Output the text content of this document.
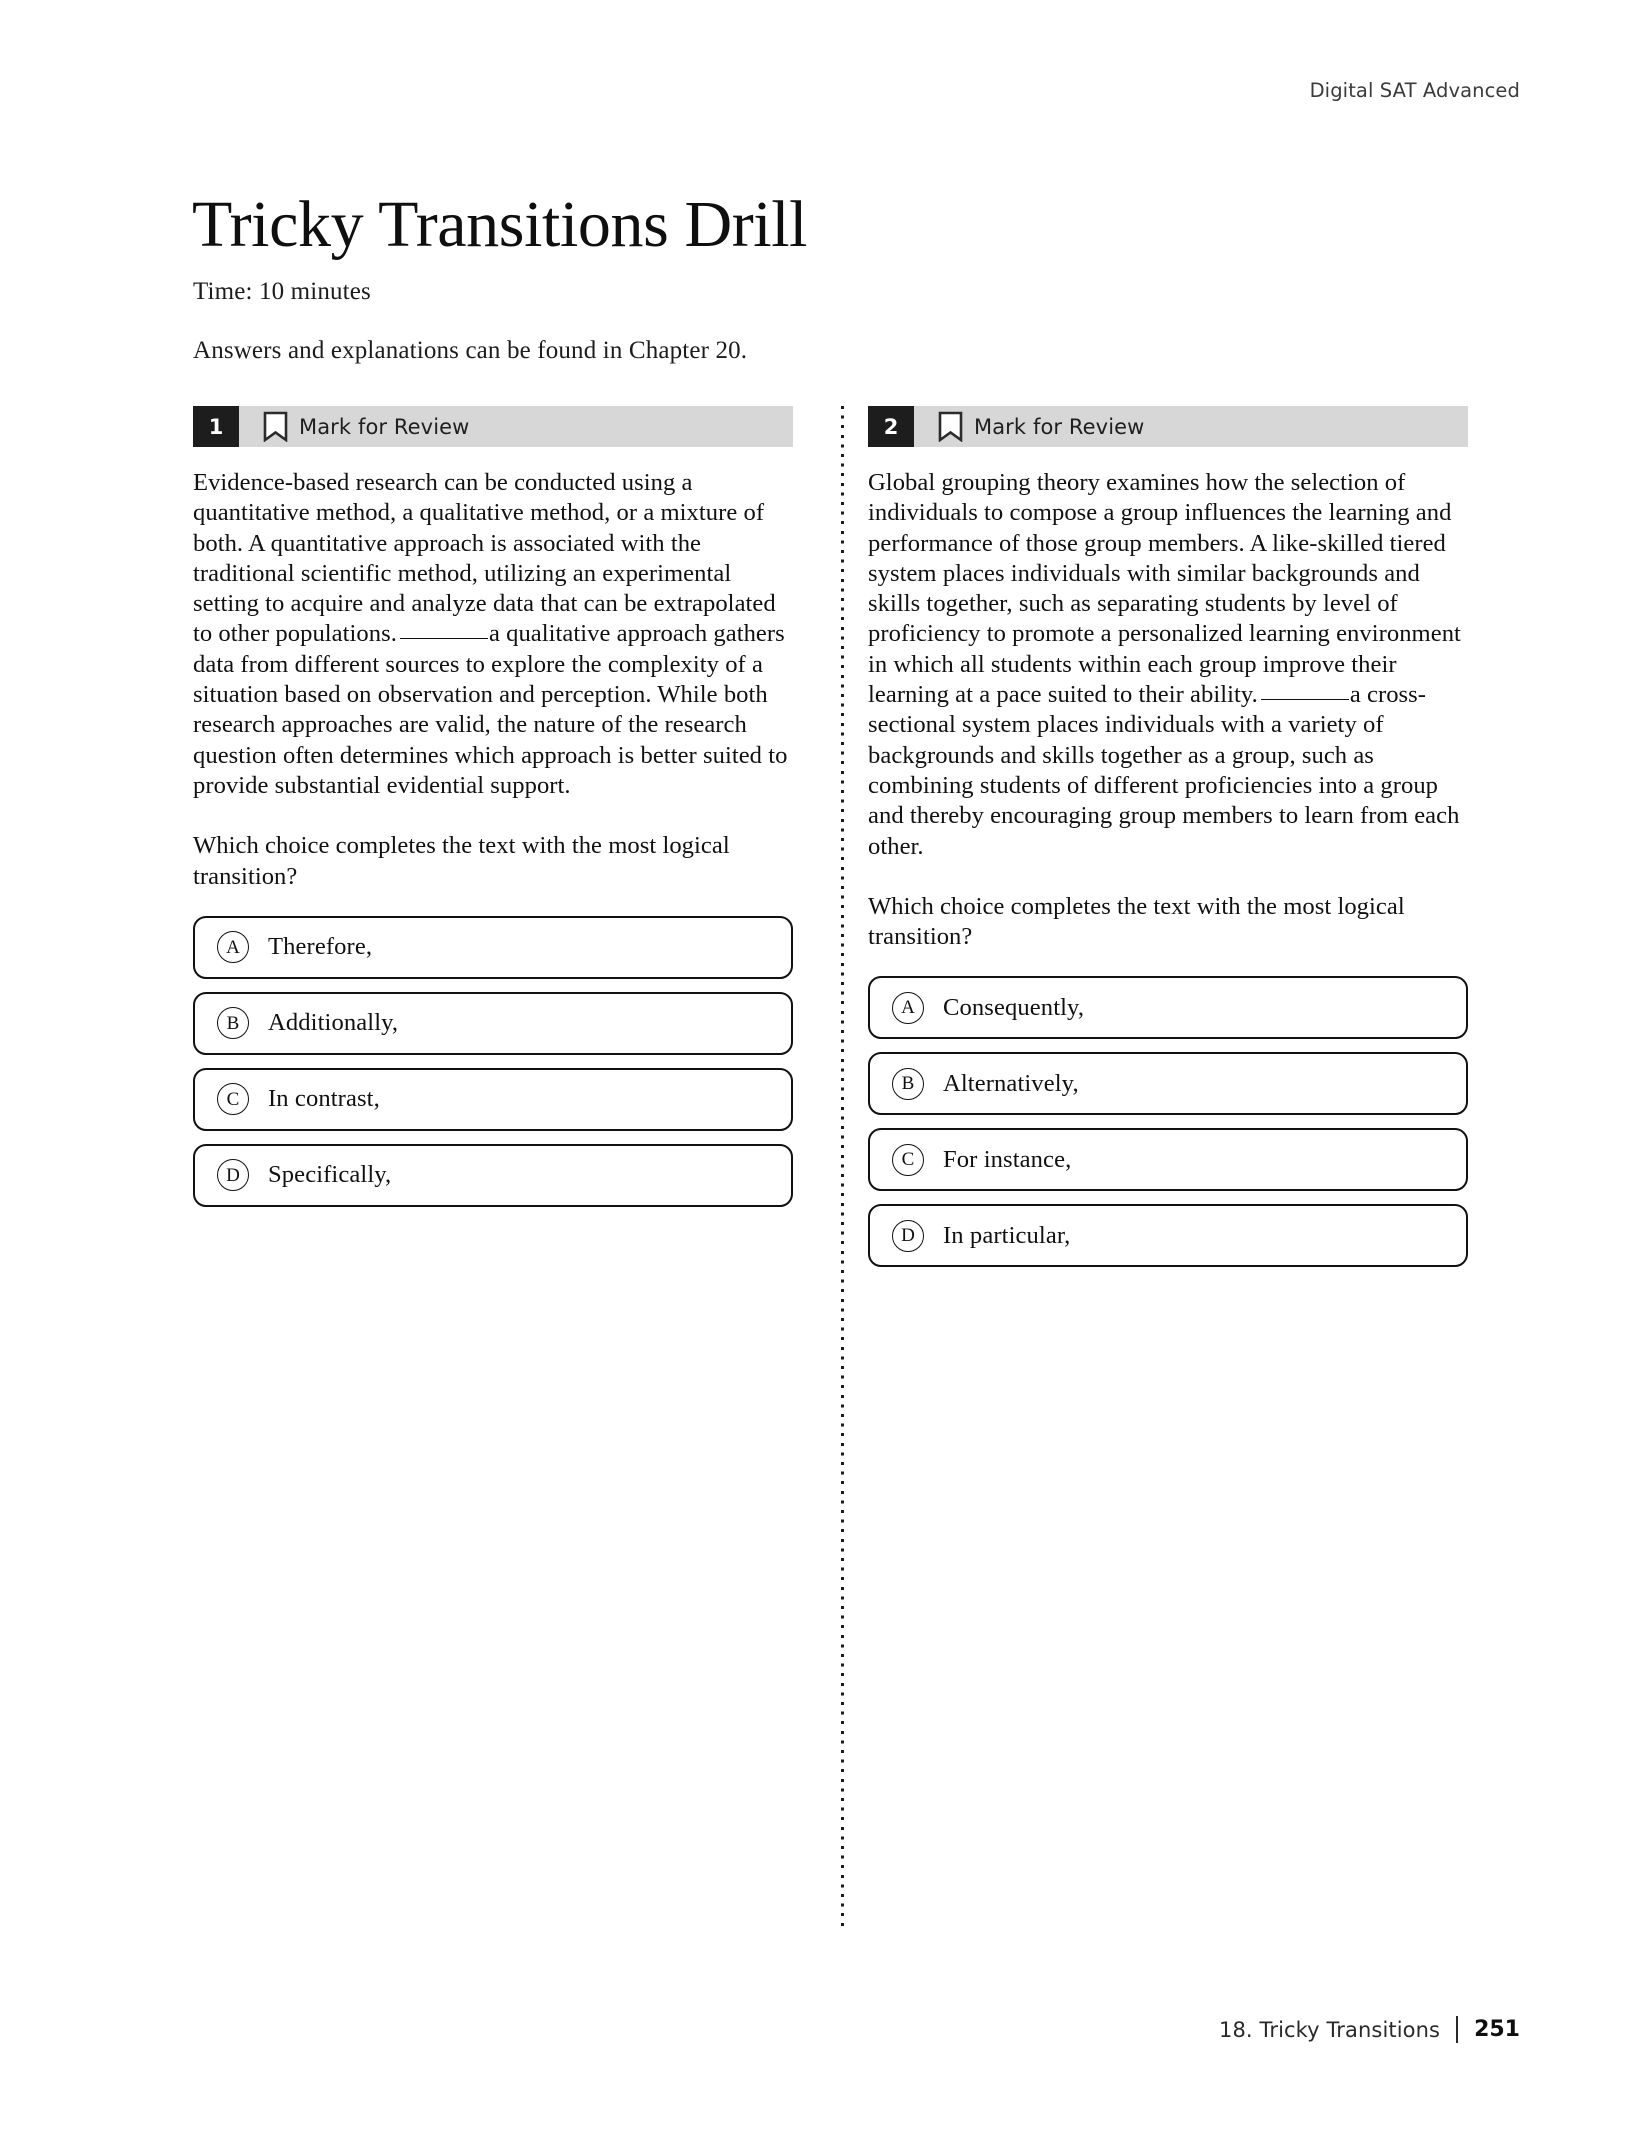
Digital SAT Advanced
Tricky Transitions Drill
Time: 10 minutes
Answers and explanations can be found in Chapter 20.
1	Mark for Review
Evidence-based research can be conducted using a quantitative method, a qualitative method, or a mixture of both. A quantitative approach is associated with the traditional scientific method, utilizing an experimental setting to acquire and analyze data that can be extrapolated to other populations.	a qualitative approach gathers data from different sources to explore the complexity of a situation based on observation and perception. While both research approaches are valid, the nature of the research question often determines which approach is better suited to provide substantial evidential support.
Which choice completes the text with the most logical transition?
A	Therefore,
B	Additionally,
C	In contrast,
D	Specifically,
2	Mark for Review
Global grouping theory examines how the selection of individuals to compose a group influences the learning and performance of those group members. A like-skilled tiered system places individuals with similar backgrounds and skills together, such as separating students by level of proficiency to promote a personalized learning environment in which all students within each group improve their learning at a pace suited to their ability.	a cross-sectional system places individuals with a variety of backgrounds and skills together as a group, such as combining students of different proficiencies into a group and thereby encouraging group members to learn from each other.
Which choice completes the text with the most logical transition?
A	Consequently,
B	Alternatively,
C	For instance,
D	In particular,
18. Tricky Transitions 251
